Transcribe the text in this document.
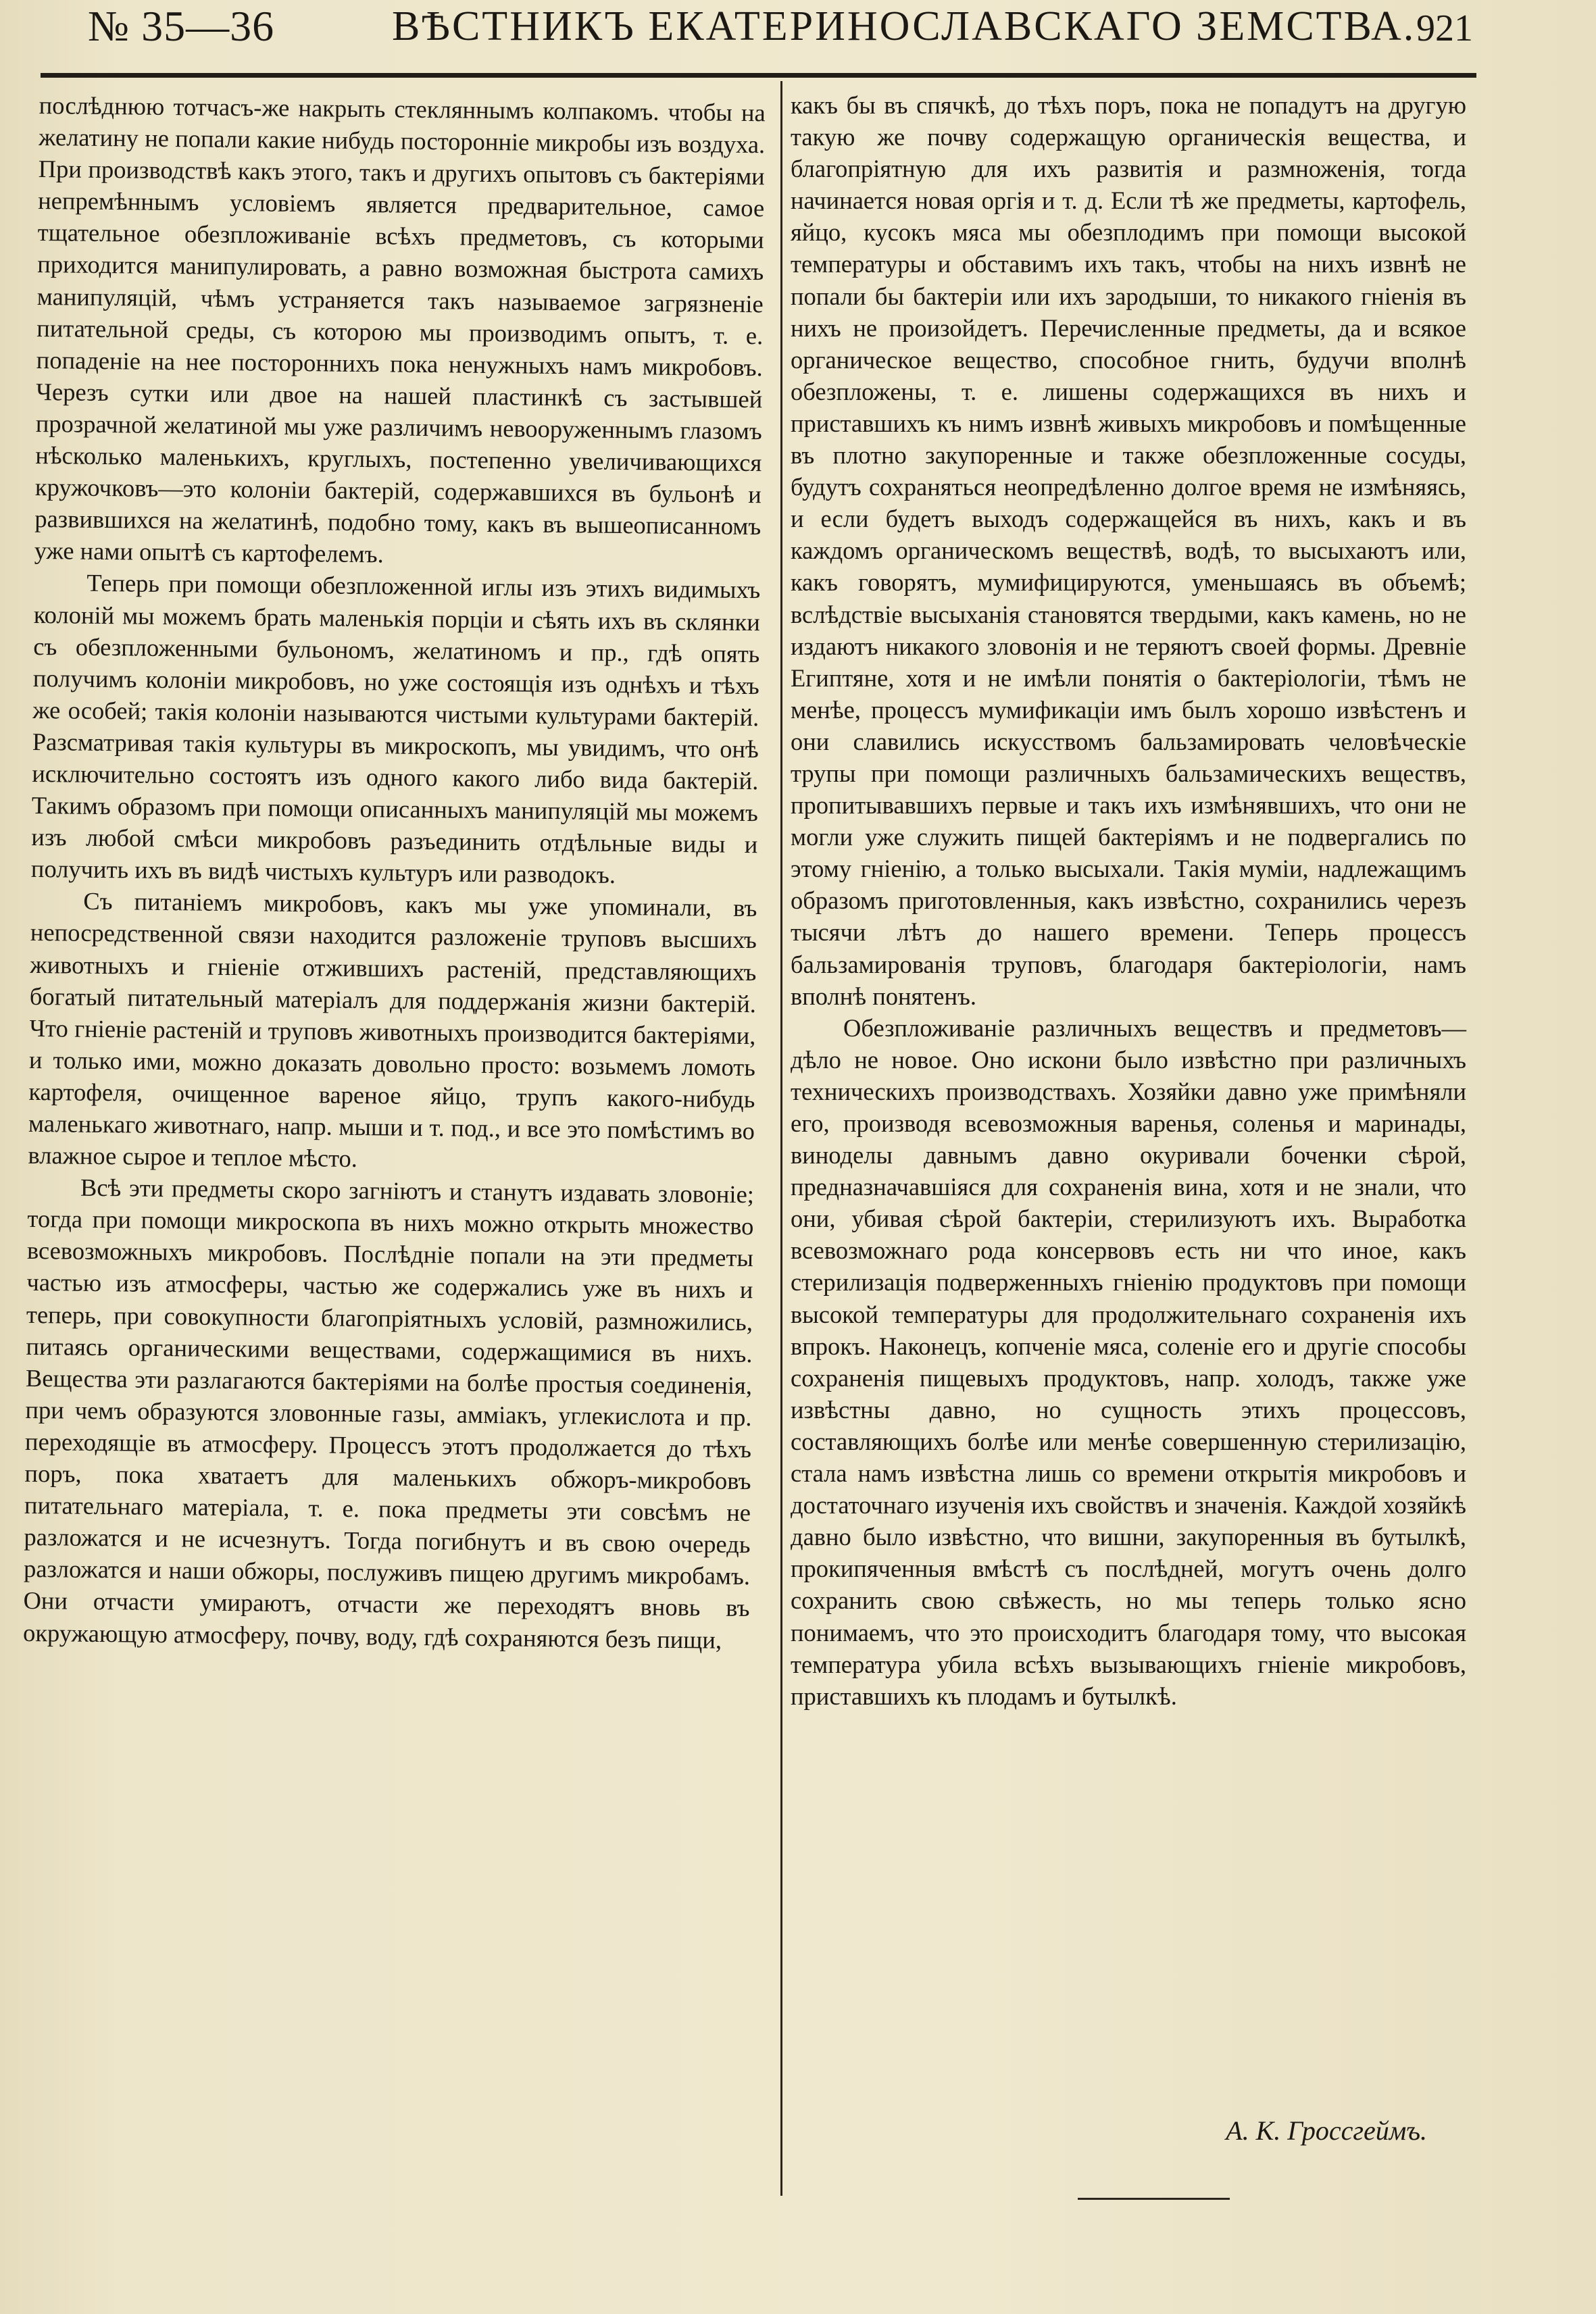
№ 35—36	ВѢСТНИКЪ ЕКАТЕРИНОСЛАВСКАГО ЗЕМСТВА. 921

послѣднюю тотчасъ-же накрыть стекляннымъ колпакомъ. чтобы на желатину не попали какие нибудь посторонніе микробы изъ воздуха. При производствѣ какъ этого, такъ и другихъ опытовъ съ бактеріями непремѣннымъ условіемъ является предварительное, самое тщательное обезпложиваніе всѣхъ предметовъ, съ которыми приходится манипулировать, а равно возможная быстрота самихъ манипуляцій, чѣмъ устраняется такъ называемое загрязненіе питательной среды, съ которою мы производимъ опытъ, т. е. попаденіе на нее постороннихъ пока ненужныхъ намъ микробовъ. Черезъ сутки или двое на нашей пластинкѣ съ застывшей прозрачной желатиной мы уже различимъ невооруженнымъ глазомъ нѣсколько маленькихъ, круглыхъ, постепенно увеличивающихся кружочковъ—это колоніи бактерій, содержавшихся въ бульонѣ и развившихся на желатинѣ, подобно тому, какъ въ вышеописанномъ уже нами опытѣ съ картофелемъ.

Теперь при помощи обезпложенной иглы изъ этихъ видимыхъ колоній мы можемъ брать маленькія порціи и сѣять ихъ въ склянки съ обезпложенными бульономъ, желатиномъ и пр., гдѣ опять получимъ колоніи микробовъ, но уже состоящія изъ однѣхъ и тѣхъ же особей; такія колоніи называются чистыми культурами бактерій. Разсматривая такія культуры въ микроскопъ, мы увидимъ, что онѣ исключительно состоятъ изъ одного какого либо вида бактерій. Такимъ образомъ при помощи описанныхъ манипуляцій мы можемъ изъ любой смѣси микробовъ разъединить отдѣльные виды и получить ихъ въ видѣ чистыхъ культуръ или разводокъ.

Съ питаніемъ микробовъ, какъ мы уже упоминали, въ непосредственной связи находится разложеніе труповъ высшихъ животныхъ и гніеніе отжившихъ растеній, представляющихъ богатый питательный матеріалъ для поддержанія жизни бактерій. Что гніеніе растеній и труповъ животныхъ производится бактеріями, и только ими, можно доказать довольно просто: возьмемъ ломоть картофеля, очищенное вареное яйцо, трупъ какого-нибудь маленькаго животнаго, напр. мыши и т. под., и все это помѣстимъ во влажное сырое и теплое мѣсто.

Всѣ эти предметы скоро загніютъ и станутъ издавать зловоніе; тогда при помощи микроскопа въ нихъ можно открыть множество всевозможныхъ микробовъ. Послѣдніе попали на эти предметы частью изъ атмосферы, частью же содержались уже въ нихъ и теперь, при совокупности благопріятныхъ условій, размножились, питаясь органическими веществами, содержащимися въ нихъ. Вещества эти разлагаются бактеріями на болѣе простыя соединенія, при чемъ образуются зловонные газы, амміакъ, углекислота и пр. переходящіе въ атмосферу. Процессъ этотъ продолжается до тѣхъ поръ, пока хватаетъ для маленькихъ обжоръ-микробовъ питательнаго матеріала, т. е. пока предметы эти совсѣмъ не разложатся и не исчезнутъ. Тогда погибнутъ и въ свою очередь разложатся и наши обжоры, послуживъ пищею другимъ микробамъ. Они отчасти умираютъ, отчасти же переходятъ вновь въ окружающую атмосферу, почву, воду, гдѣ сохраняются безъ пищи,

какъ бы въ спячкѣ, до тѣхъ поръ, пока не попадутъ на другую такую же почву содержащую органическія вещества, и благопріятную для ихъ развитія и размноженія, тогда начинается новая оргія и т. д. Если тѣ же предметы, картофель, яйцо, кусокъ мяса мы обезплодимъ при помощи высокой температуры и обставимъ ихъ такъ, чтобы на нихъ извнѣ не попали бы бактеріи или ихъ зародыши, то никакого гніенія въ нихъ не произойдетъ. Перечисленные предметы, да и всякое органическое вещество, способное гнить, будучи вполнѣ обезпложены, т. е. лишены содержащихся въ нихъ и приставшихъ къ нимъ извнѣ живыхъ микробовъ и помѣщенные въ плотно закупоренные и также обезпложенные сосуды, будутъ сохраняться неопредѣленно долгое время не измѣняясь, и если будетъ выходъ содержащейся въ нихъ, какъ и въ каждомъ органическомъ веществѣ, водѣ, то высыхаютъ или, какъ говорятъ, мумифицируются, уменьшаясь въ объемѣ; вслѣдствіе высыханія становятся твердыми, какъ камень, но не издаютъ никакого зловонія и не теряютъ своей формы. Древніе Египтяне, хотя и не имѣли понятія о бактеріологіи, тѣмъ не менѣе, процессъ мумификаціи имъ былъ хорошо извѣстенъ и они славились искусствомъ бальзамировать человѣческіе трупы при помощи различныхъ бальзамическихъ веществъ, пропитывавшихъ первые и такъ ихъ измѣнявшихъ, что они не могли уже служить пищей бактеріямъ и не подвергались по этому гніенію, а только высыхали. Такія мумiи, надлежащимъ образомъ приготовленныя, какъ извѣстно, сохранились черезъ тысячи лѣтъ до нашего времени. Теперь процессъ бальзамированія труповъ, благодаря бактеріологіи, намъ вполнѣ понятенъ.

Обезпложиваніе различныхъ веществъ и предметовъ—дѣло не новое. Оно искони было извѣстно при различныхъ техническихъ производствахъ. Хозяйки давно уже примѣняли его, производя всевозможныя варенья, соленья и маринады, виноделы давнымъ давно окуривали боченки сѣрой, предназначавшіяся для сохраненія вина, хотя и не знали, что они, убивая сѣрой бактеріи, стерилизуютъ ихъ. Выработка всевозможнаго рода консервовъ есть ни что иное, какъ стерилизація подверженныхъ гніенію продуктовъ при помощи высокой температуры для продолжительнаго сохраненія ихъ впрокъ. Наконецъ, копченіе мяса, соленіе его и другіе способы сохраненія пищевыхъ продуктовъ, напр. холодъ, также уже извѣстны давно, но сущность этихъ процессовъ, составляющихъ болѣе или менѣе совершенную стерилизацію, стала намъ извѣстна лишь со времени открытія микробовъ и достаточнаго изученія ихъ свойствъ и значенія. Каждой хозяйкѣ давно было извѣстно, что вишни, закупоренныя въ бутылкѣ, прокипяченныя вмѣстѣ съ послѣдней, могутъ очень долго сохранить свою свѣжесть, но мы теперь только ясно понимаемъ, что это происходитъ благодаря тому, что высокая температура убила всѣхъ вызывающихъ гніеніе микробовъ, приставшихъ къ плодамъ и бутылкѣ.

А. К. Гроссгеймъ.
